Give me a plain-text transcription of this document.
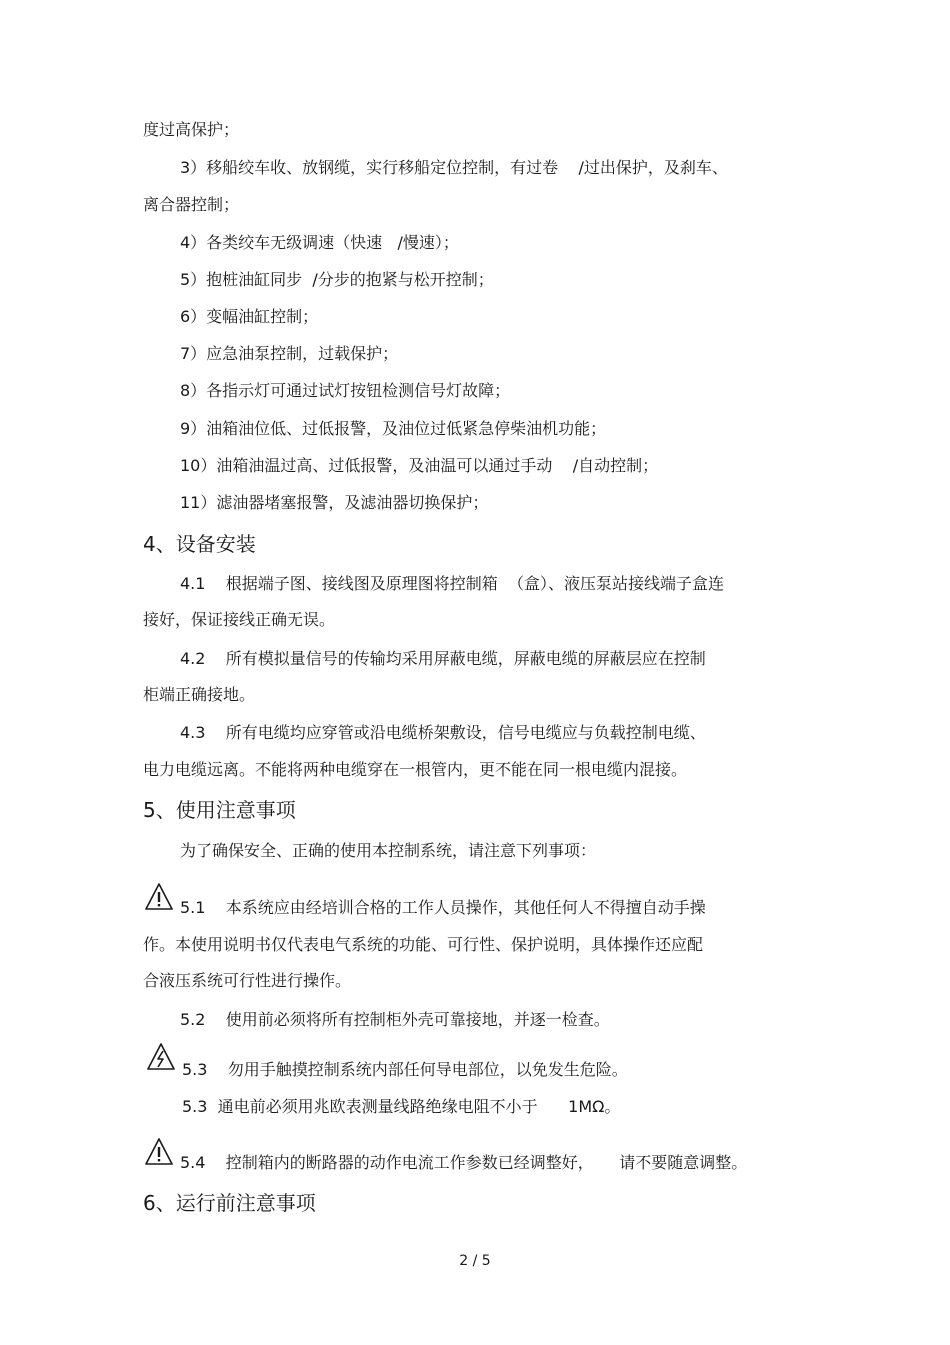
度过高保护；
3）移船绞车收、放钢缆，实行移船定位控制，有过卷    /过出保护，及刹车、
离合器控制；
4）各类绞车无级调速（快速   /慢速）；
5）抱桩油缸同步  /分步的抱紧与松开控制；
6）变幅油缸控制；
7）应急油泵控制，过载保护；
8）各指示灯可通过试灯按钮检测信号灯故障；
9）油箱油位低、过低报警，及油位过低紧急停柴油机功能；
10）油箱油温过高、过低报警，及油温可以通过手动    /自动控制；
11）滤油器堵塞报警，及滤油器切换保护；
4、设备安装
4.1    根据端子图、接线图及原理图将控制箱  （盒）、液压泵站接线端子盒连
接好，保证接线正确无误。
4.2    所有模拟量信号的传输均采用屏蔽电缆，屏蔽电缆的屏蔽层应在控制
柜端正确接地。
4.3    所有电缆均应穿管或沿电缆桥架敷设，信号电缆应与负载控制电缆、
电力电缆远离。不能将两种电缆穿在一根管内，更不能在同一根电缆内混接。
5、使用注意事项
为了确保安全、正确的使用本控制系统，请注意下列事项：
5.1    本系统应由经培训合格的工作人员操作，其他任何人不得擅自动手操
作。本使用说明书仅代表电气系统的功能、可行性、保护说明，具体操作还应配
合液压系统可行性进行操作。
5.2    使用前必须将所有控制柜外壳可靠接地，并逐一检查。
5.3    勿用手触摸控制系统内部任何导电部位，以免发生危险。
5.3  通电前必须用兆欧表测量线路绝缘电阻不小于      1MΩ。
5.4    控制箱内的断路器的动作电流工作参数已经调整好，     请不要随意调整。
6、运行前注意事项
2 / 5
